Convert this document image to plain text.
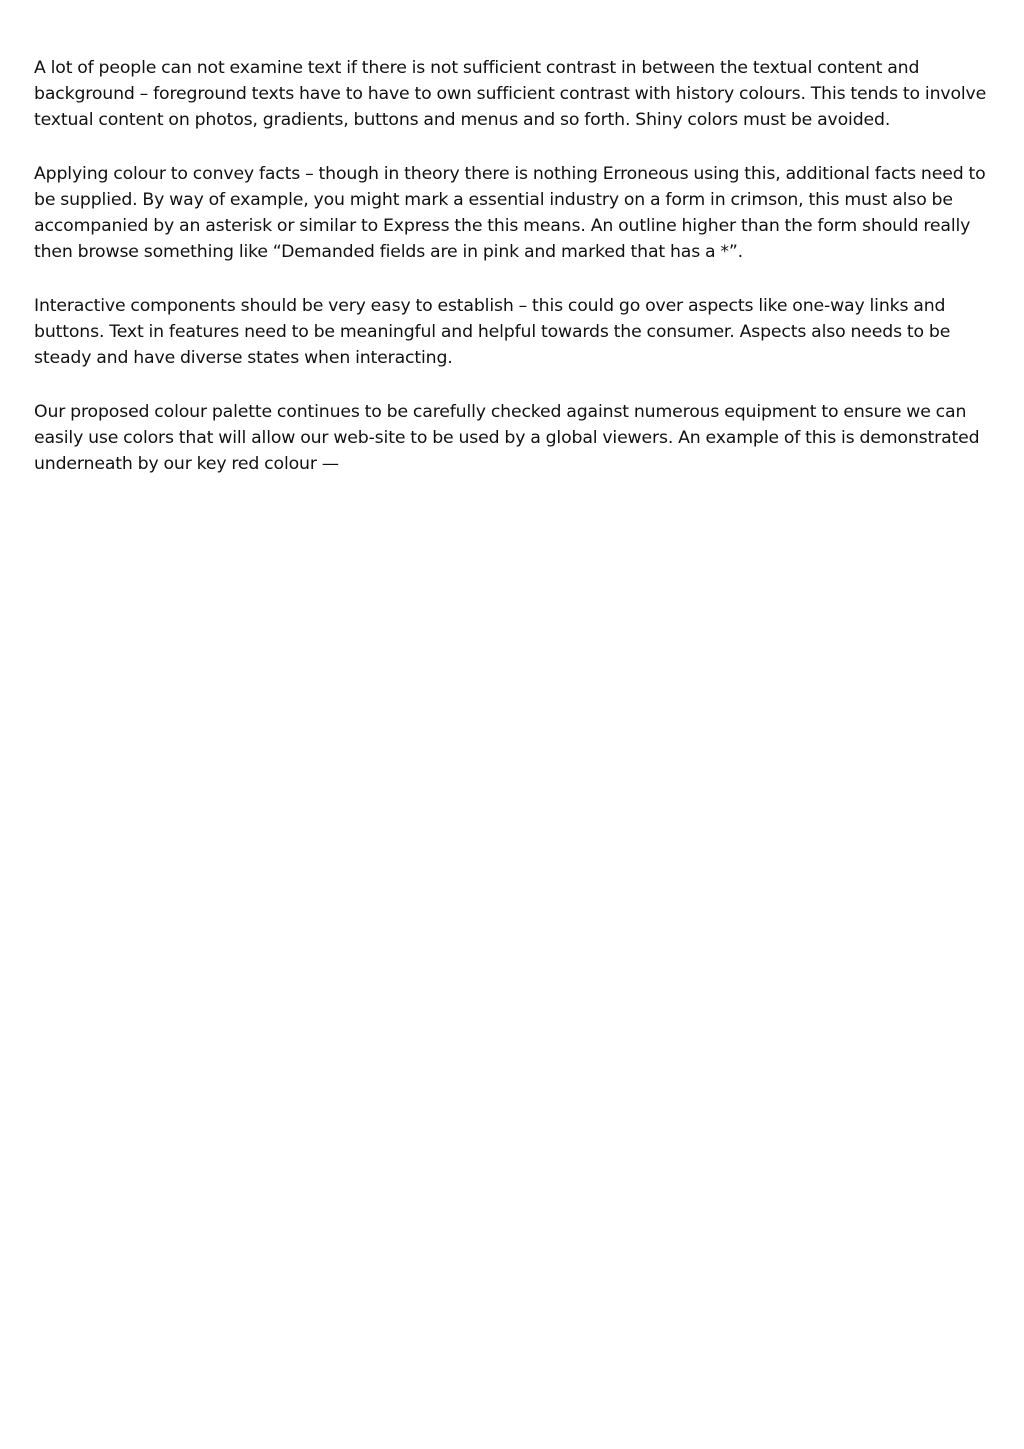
A lot of people can not examine text if there is not sufficient contrast in between the textual content and background – foreground texts have to have to own sufficient contrast with history colours. This tends to involve textual content on photos, gradients, buttons and menus and so forth. Shiny colors must be avoided.

Applying colour to convey facts – though in theory there is nothing Erroneous using this, additional facts need to be supplied. By way of example, you might mark a essential industry on a form in crimson, this must also be accompanied by an asterisk or similar to Express the this means. An outline higher than the form should really then browse something like “Demanded fields are in pink and marked that has a *”.

Interactive components should be very easy to establish – this could go over aspects like one-way links and buttons. Text in features need to be meaningful and helpful towards the consumer. Aspects also needs to be steady and have diverse states when interacting.

Our proposed colour palette continues to be carefully checked against numerous equipment to ensure we can easily use colors that will allow our web-site to be used by a global viewers. An example of this is demonstrated underneath by our key red colour —
